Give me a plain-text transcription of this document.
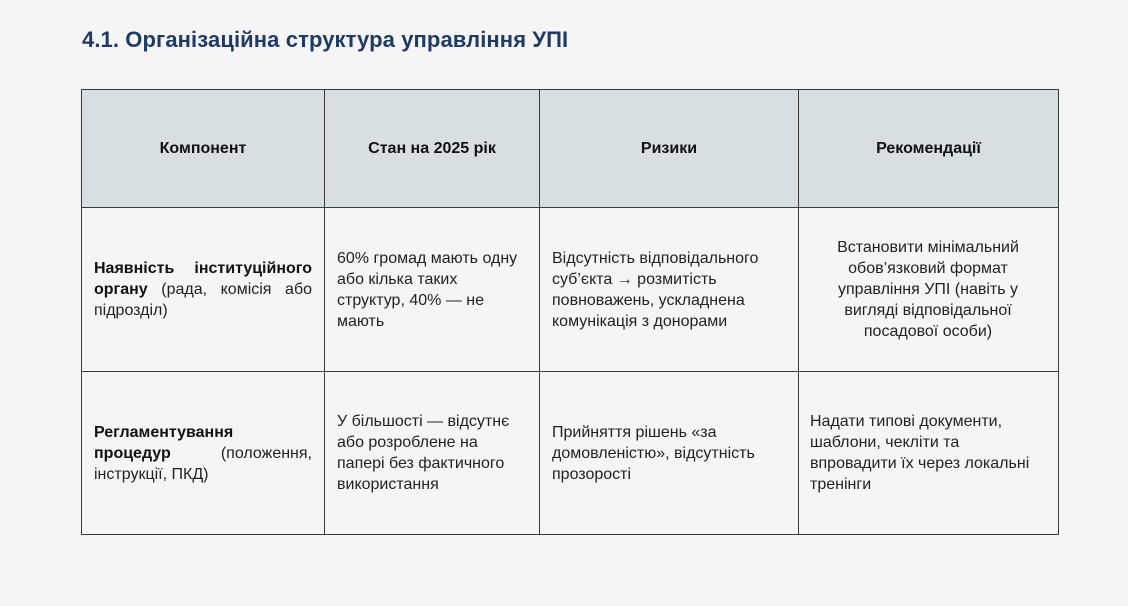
4.1. Організаційна структура управління УПІ
Компонент	Стан на 2025 рік	Ризики	Рекомендації

Наявність інституційного органу (рада, комісія або підрозділ)	60% громад мають одну або кілька таких структур, 40% — не мають	Відсутність відповідального суб’єкта → розмитість повноважень, ускладнена комунікація з донорами	Встановити мінімальний обов’язковий формат управління УПІ (навіть у вигляді відповідальної посадової особи)

Регламентування процедур (положення, інструкції, ПКД)	У більшості — відсутнє або розроблене на папері без фактичного використання	Прийняття рішень «за домовленістю», відсутність прозорості	Надати типові документи, шаблони, чекліти та впровадити їх через локальні тренінги
